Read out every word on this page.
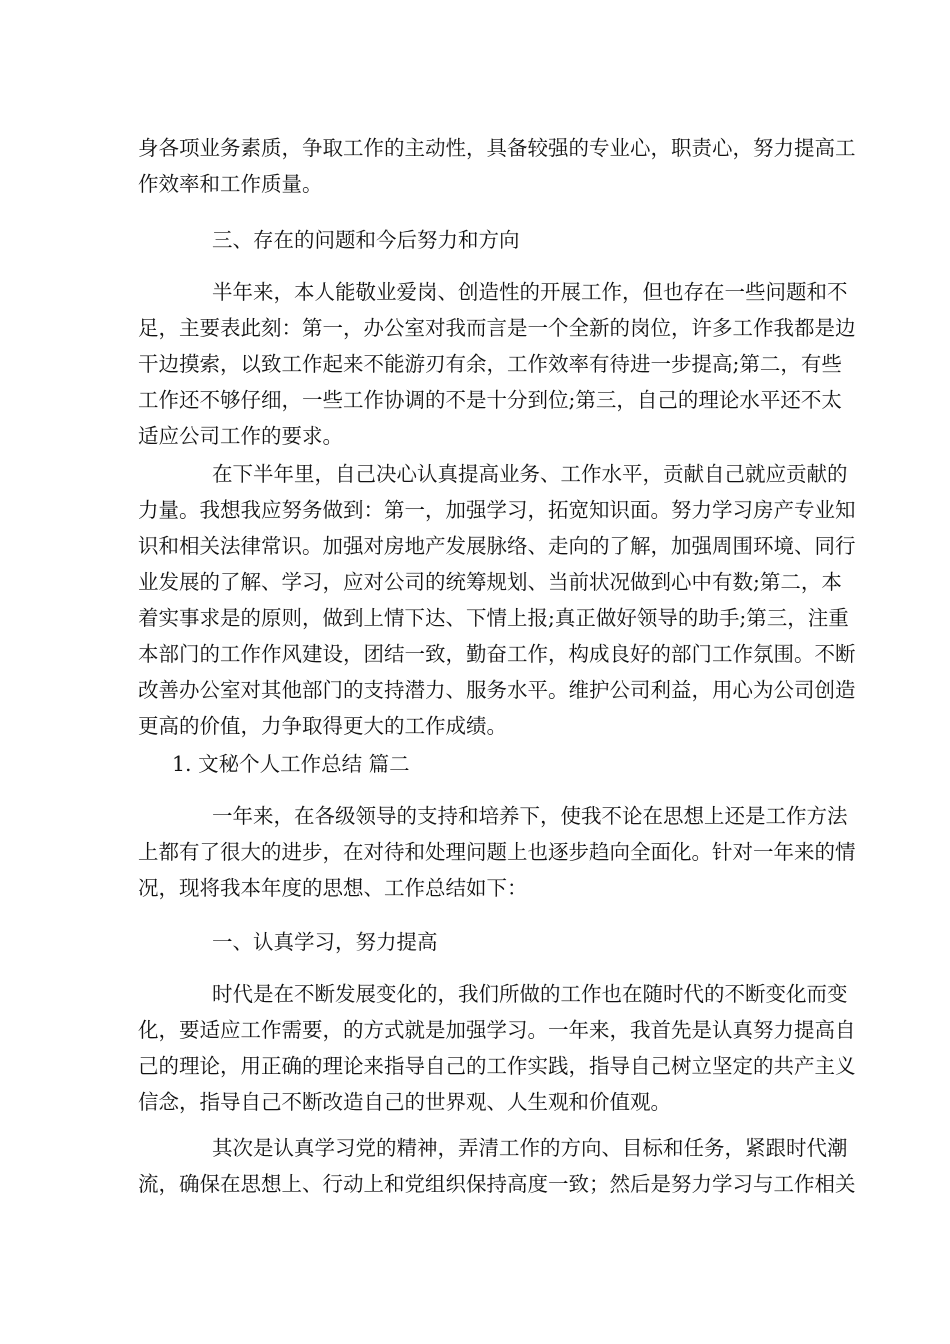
身各项业务素质，争取工作的主动性，具备较强的专业心，职责心，努力提高工
作效率和工作质量。
三、存在的问题和今后努力和方向
半年来，本人能敬业爱岗、创造性的开展工作，但也存在一些问题和不
足，主要表此刻：第一，办公室对我而言是一个全新的岗位，许多工作我都是边
干边摸索，以致工作起来不能游刃有余，工作效率有待进一步提高;第二，有些
工作还不够仔细，一些工作协调的不是十分到位;第三，自己的理论水平还不太
适应公司工作的要求。
在下半年里，自己决心认真提高业务、工作水平，贡献自己就应贡献的
力量。我想我应努务做到：第一，加强学习，拓宽知识面。努力学习房产专业知
识和相关法律常识。加强对房地产发展脉络、走向的了解，加强周围环境、同行
业发展的了解、学习，应对公司的统筹规划、当前状况做到心中有数;第二，本
着实事求是的原则，做到上情下达、下情上报;真正做好领导的助手;第三，注重
本部门的工作作风建设，团结一致，勤奋工作，构成良好的部门工作氛围。不断
改善办公室对其他部门的支持潜力、服务水平。维护公司利益，用心为公司创造
更高的价值，力争取得更大的工作成绩。
1. 文秘个人工作总结 篇二
一年来，在各级领导的支持和培养下，使我不论在思想上还是工作方法
上都有了很大的进步，在对待和处理问题上也逐步趋向全面化。针对一年来的情
况，现将我本年度的思想、工作总结如下：
一、认真学习，努力提高
时代是在不断发展变化的，我们所做的工作也在随时代的不断变化而变
化，要适应工作需要，的方式就是加强学习。一年来，我首先是认真努力提高自
己的理论，用正确的理论来指导自己的工作实践，指导自己树立坚定的共产主义
信念，指导自己不断改造自己的世界观、人生观和价值观。
其次是认真学习党的精神，弄清工作的方向、目标和任务，紧跟时代潮
流，确保在思想上、行动上和党组织保持高度一致；然后是努力学习与工作相关
